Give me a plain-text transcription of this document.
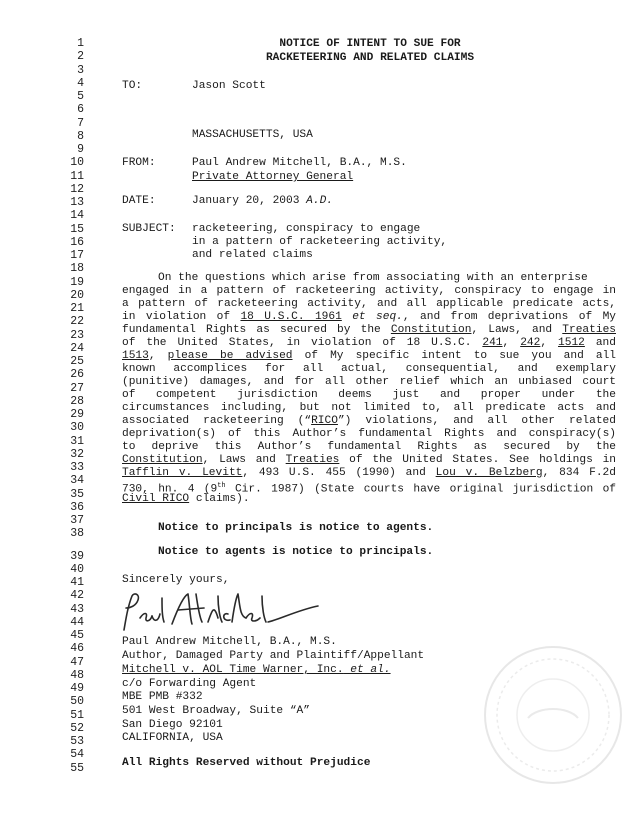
1
2
3
4
5
6
7
8
9
10
11
12
13
14
15
16
17
18
19
20
21
22
23
24
25
26
27
28
29
30
31
32
33
34
35
36
37
38
39
40
41
42
43
44
45
46
47
48
49
50
51
52
53
54
55
NOTICE OF INTENT TO SUE FOR
RACKETEERING AND RELATED CLAIMS
TO:	Jason Scott
MASSACHUSETTS, USA
FROM:	Paul Andrew Mitchell, B.A., M.S.
Private Attorney General
DATE:	January 20, 2003 A.D.
SUBJECT: racketeering, conspiracy to engage
in a pattern of racketeering activity,
and related claims
On the questions which arise from associating with an enterprise
engaged in a pattern of racketeering activity, conspiracy to engage in
a pattern of racketeering activity, and all applicable predicate acts,
in violation of 18 U.S.C. 1961 et seq., and from deprivations of My
fundamental Rights as secured by the Constitution, Laws, and Treaties
of the United States, in violation of 18 U.S.C. 241, 242, 1512 and
1513, please be advised of My specific intent to sue you and all
known accomplices for all actual, consequential, and exemplary
(punitive) damages, and for all other relief which an unbiased court
of competent jurisdiction deems just and proper under the
circumstances including, but not limited to, all predicate acts and
associated racketeering (“RICO”) violations, and all other related
deprivation(s) of this Author’s fundamental Rights and conspiracy(s)
to deprive this Author’s fundamental Rights as secured by the
Constitution, Laws and Treaties of the United States. See holdings in
Tafflin v. Levitt, 493 U.S. 455 (1990) and Lou v. Belzberg, 834 F.2d
730, hn. 4 (9th Cir. 1987) (State courts have original jurisdiction of
Civil RICO claims).
Notice to principals is notice to agents.
Notice to agents is notice to principals.
Sincerely yours,
Paul Andrew Mitchell, B.A., M.S.
Author, Damaged Party and Plaintiff/Appellant
Mitchell v. AOL Time Warner, Inc. et al.
c/o Forwarding Agent
MBE PMB #332
501 West Broadway, Suite “A”
San Diego 92101
CALIFORNIA, USA
All Rights Reserved without Prejudice
